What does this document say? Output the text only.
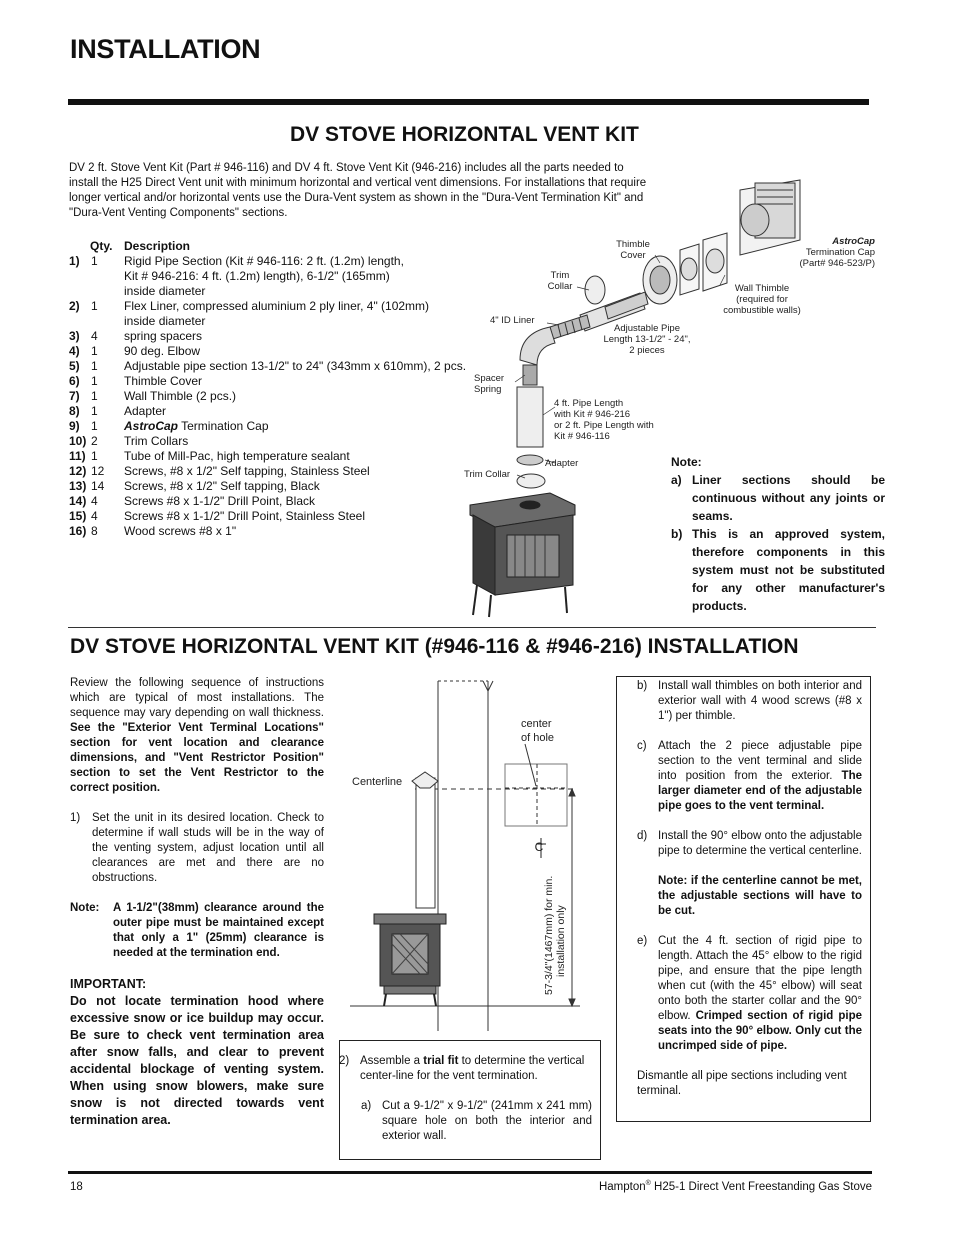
INSTALLATION
DV STOVE HORIZONTAL VENT KIT
DV 2 ft. Stove Vent Kit (Part # 946-116) and DV 4 ft. Stove Vent Kit (946-216) includes all the parts needed to install the H25 Direct Vent unit with minimum horizontal and vertical vent dimensions. For installations that require longer vertical and/or horizontal vents use the Dura-Vent system as shown in the "Dura-Vent Termination Kit" and "Dura-Vent Venting Components" sections.
Qty. Description
1) 1	Rigid Pipe Section (Kit # 946-116: 2 ft. (1.2m) length,
Kit # 946-216: 4 ft. (1.2m) length), 6-1/2" (165mm)
inside diameter
2) 1	Flex Liner, compressed aluminium 2 ply liner, 4" (102mm)
inside diameter
3) 4	spring spacers
4) 1	90 deg. Elbow
5) 1	Adjustable pipe section 13-1/2" to 24" (343mm x 610mm), 2 pcs.
6) 1	Thimble Cover
7) 1	Wall Thimble (2 pcs.)
8) 1	Adapter
9) 1	AstroCap Termination Cap
10) 2	Trim Collars
11) 1	Tube of Mill-Pac, high temperature sealant
12) 12	Screws, #8 x 1/2" Self tapping, Stainless Steel
13) 14	Screws, #8 x 1/2" Self tapping, Black
14) 4	Screws #8 x 1-1/2" Drill Point, Black
15) 4	Screws #8 x 1-1/2" Drill Point, Stainless Steel
16) 8	Wood screws #8 x 1"
AstroCap
Termination Cap
(Part# 946-523/P)
Thimble
Cover
Wall Thimble
(required for
combustible walls)
Trim
Collar
4" ID Liner
Adjustable Pipe
Length 13-1/2" - 24",
2 pieces
Spacer
Spring
4 ft. Pipe Length
with Kit # 946-216
or 2 ft. Pipe Length with
Kit # 946-116
Trim Collar
Adapter	Note:
a) Liner sections should be continuous without any joints or seams.
b) This is an approved system, therefore components in this system must not be substituted for any other manufacturer's products.
DV STOVE HORIZONTAL VENT KIT (#946-116 & #946-216) INSTALLATION

Review the following sequence of instructions which are typical of most installations. The sequence may vary depending on wall thickness. See the "Exterior Vent Terminal Locations" section for vent location and clearance dimensions, and "Vent Restrictor Position" section to set the Vent Restrictor to the correct position.

1)	Set the unit in its desired location. Check to determine if wall studs will be in the way of the venting system, adjust location until all clearances are met and there are no obstructions.
Note:	A 1-1/2"(38mm) clearance around the outer pipe must be maintained except that only a 1" (25mm) clearance is needed at the termination end.
IMPORTANT:
Do not locate termination hood where excessive snow or ice buildup may occur. Be sure to check vent termination area after snow falls, and clear to prevent accidental blockage of venting system. When using snow blowers, make sure snow is not directed towards vent termination area.
C
center
of hole
Centerline
57-3/4"(1467mm) for min. installation only
2) Assemble a trial fit to determine the vertical center-line for the vent termination.
a) Cut a 9-1/2" x 9-1/2" (241mm x 241 mm) square hole on both the interior and exterior wall.
b) Install wall thimbles on both interior and exterior wall with 4 wood screws (#8 x 1") per thimble.
c) Attach the 2 piece adjustable pipe section to the vent terminal and slide into position from the exterior. The larger diameter end of the adjustable pipe goes to the vent terminal.
d) Install the 90° elbow onto the adjustable pipe to determine the vertical centerline.
Note: if the centerline cannot be met, the adjustable sections will have to be cut.
e) Cut the 4 ft. section of rigid pipe to length. Attach the 45° elbow to the rigid pipe, and ensure that the pipe length when cut (with the 45° elbow) will seat onto both the starter collar and the 90° elbow. Crimped section of rigid pipe seats into the 90° elbow. Only cut the uncrimped side of pipe.
Dismantle all pipe sections including vent terminal.
18	Hampton® H25-1 Direct Vent Freestanding Gas Stove
